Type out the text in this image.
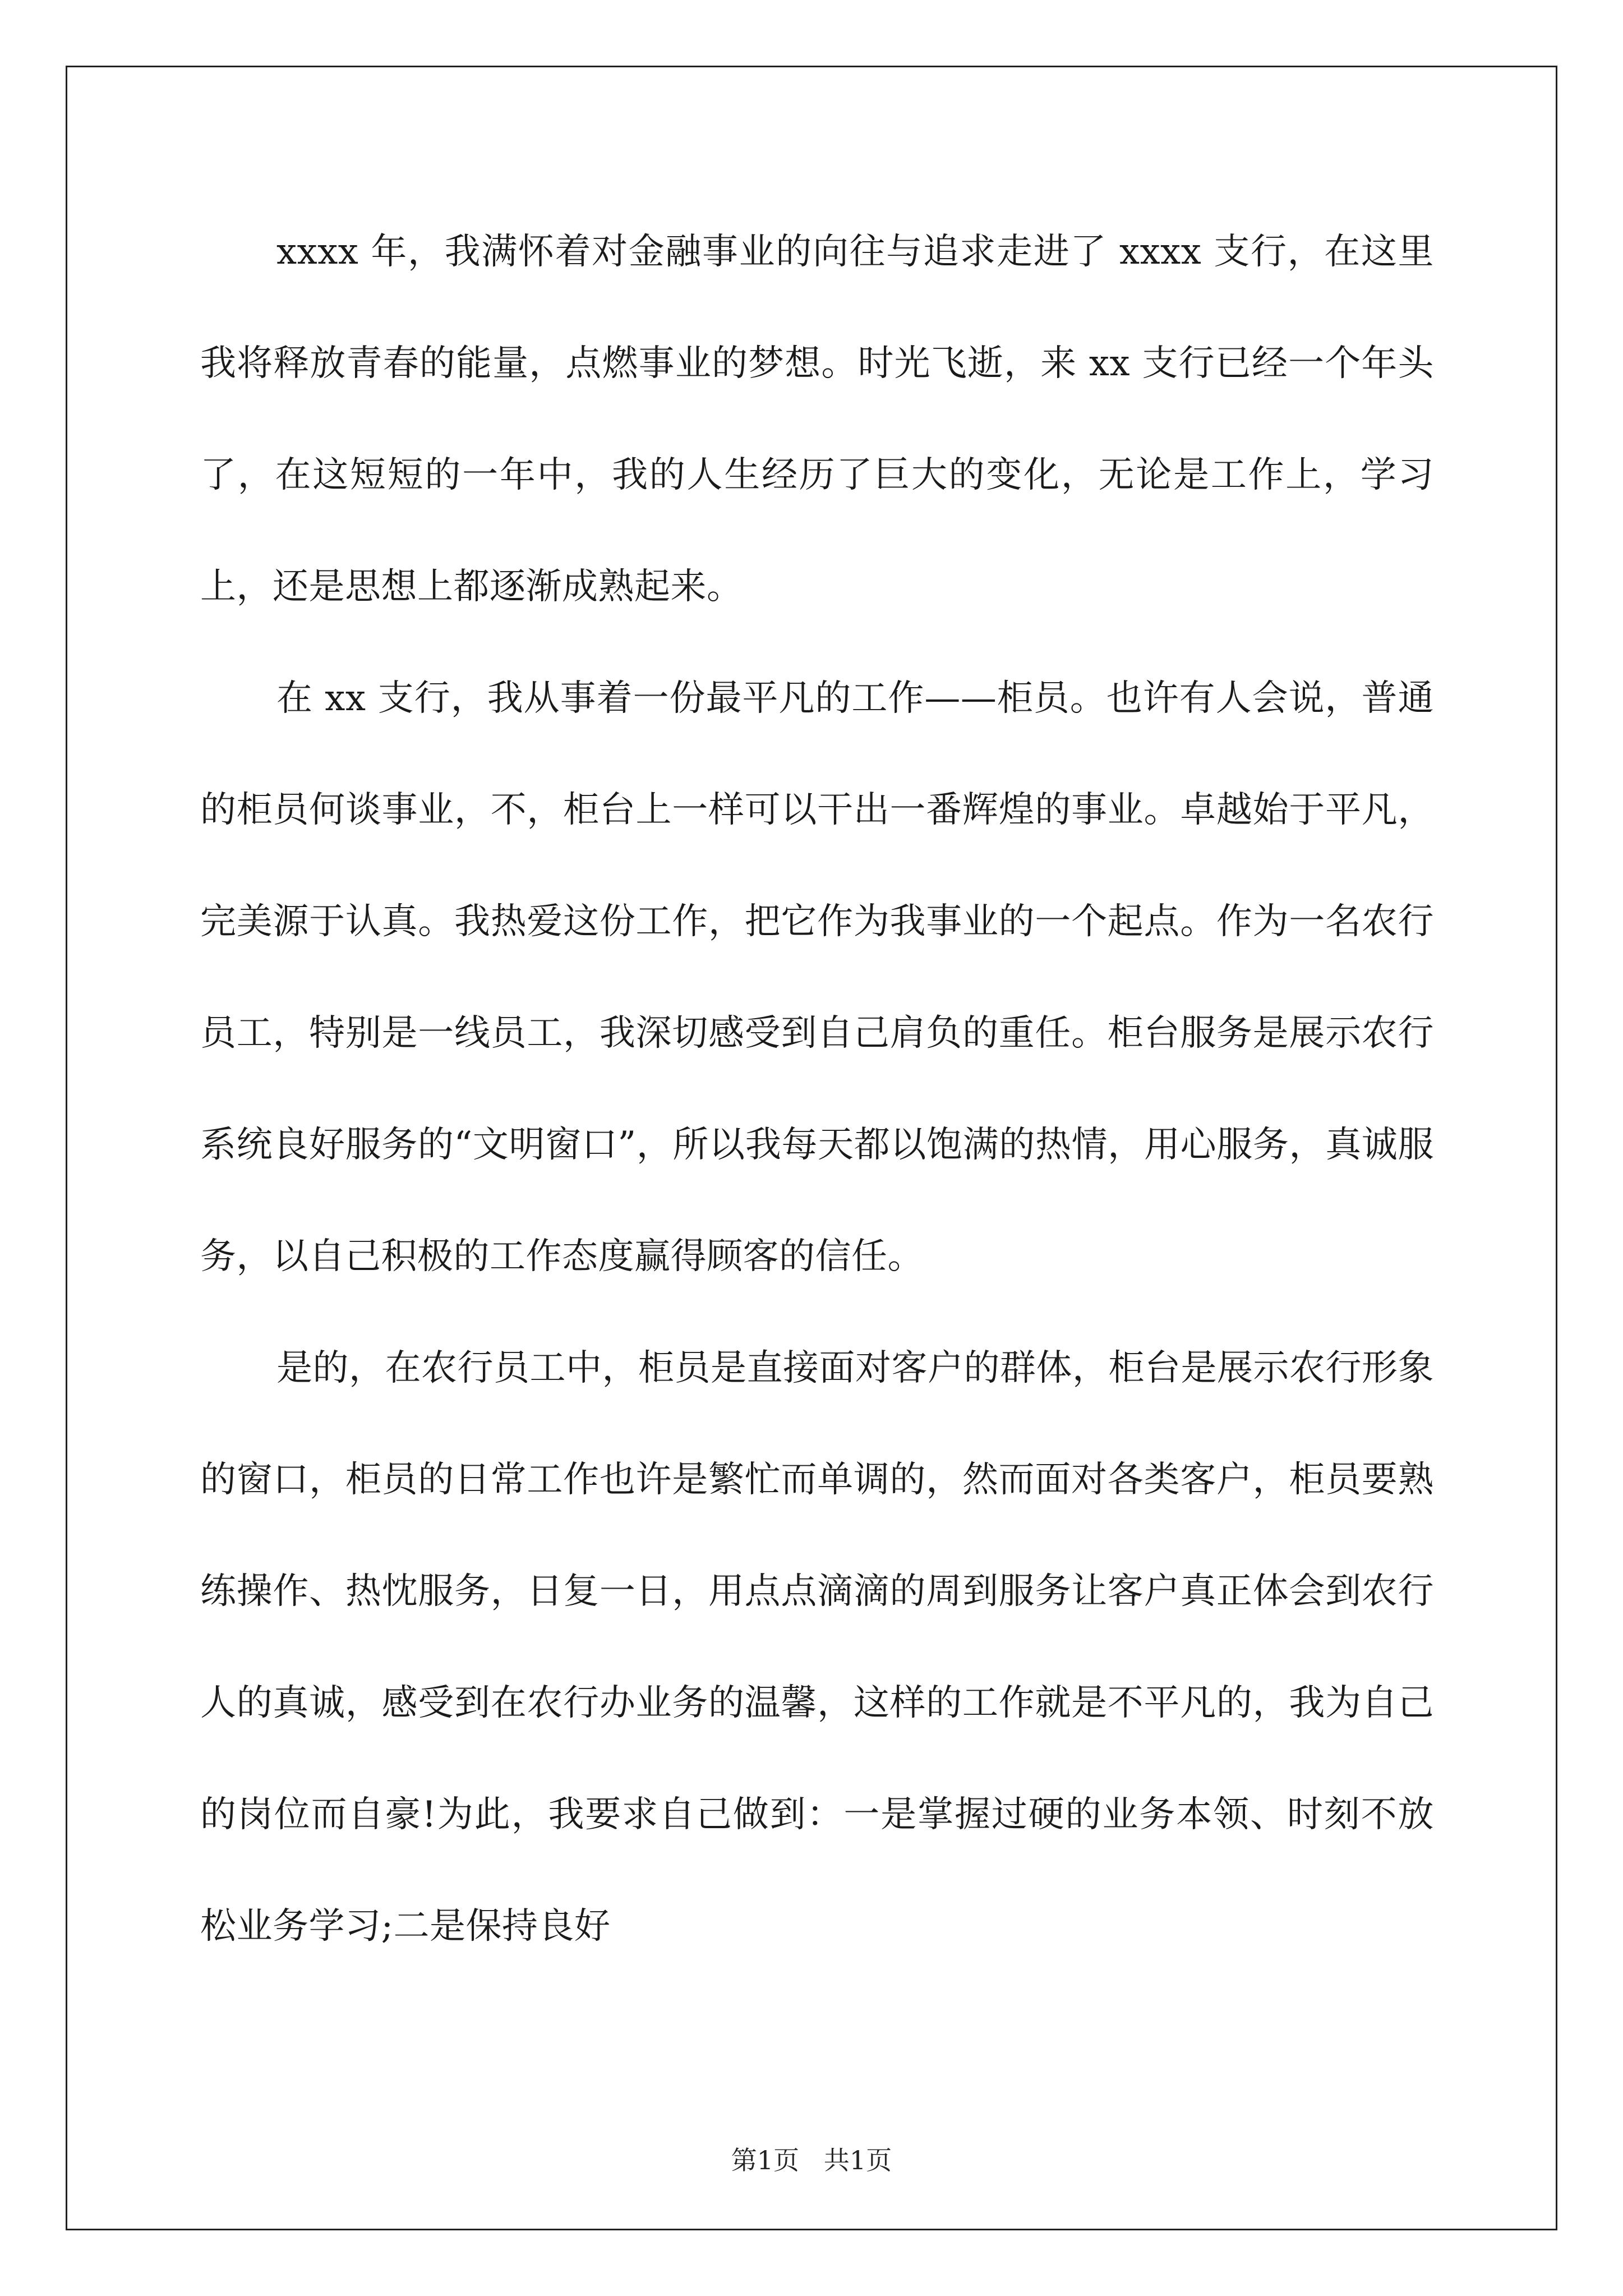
xxxx 年，我满怀着对金融事业的向往与追求走进了 xxxx 支行，在这里我将释放青春的能量，点燃事业的梦想。时光飞逝，来 xx 支行已经一个年头了，在这短短的一年中，我的人生经历了巨大的变化，无论是工作上，学习上，还是思想上都逐渐成熟起来。

在 xx 支行，我从事着一份最平凡的工作——柜员。也许有人会说，普通的柜员何谈事业，不，柜台上一样可以干出一番辉煌的事业。卓越始于平凡，完美源于认真。我热爱这份工作，把它作为我事业的一个起点。作为一名农行员工，特别是一线员工，我深切感受到自己肩负的重任。柜台服务是展示农行系统良好服务的“文明窗口”，所以我每天都以饱满的热情，用心服务，真诚服务，以自己积极的工作态度赢得顾客的信任。

是的，在农行员工中，柜员是直接面对客户的群体，柜台是展示农行形象的窗口，柜员的日常工作也许是繁忙而单调的，然而面对各类客户，柜员要熟练操作、热忱服务，日复一日，用点点滴滴的周到服务让客户真正体会到农行人的真诚，感受到在农行办业务的温馨，这样的工作就是不平凡的，我为自己的岗位而自豪!为此，我要求自己做到：一是掌握过硬的业务本领、时刻不放松业务学习;二是保持良好

第1页   共1页
